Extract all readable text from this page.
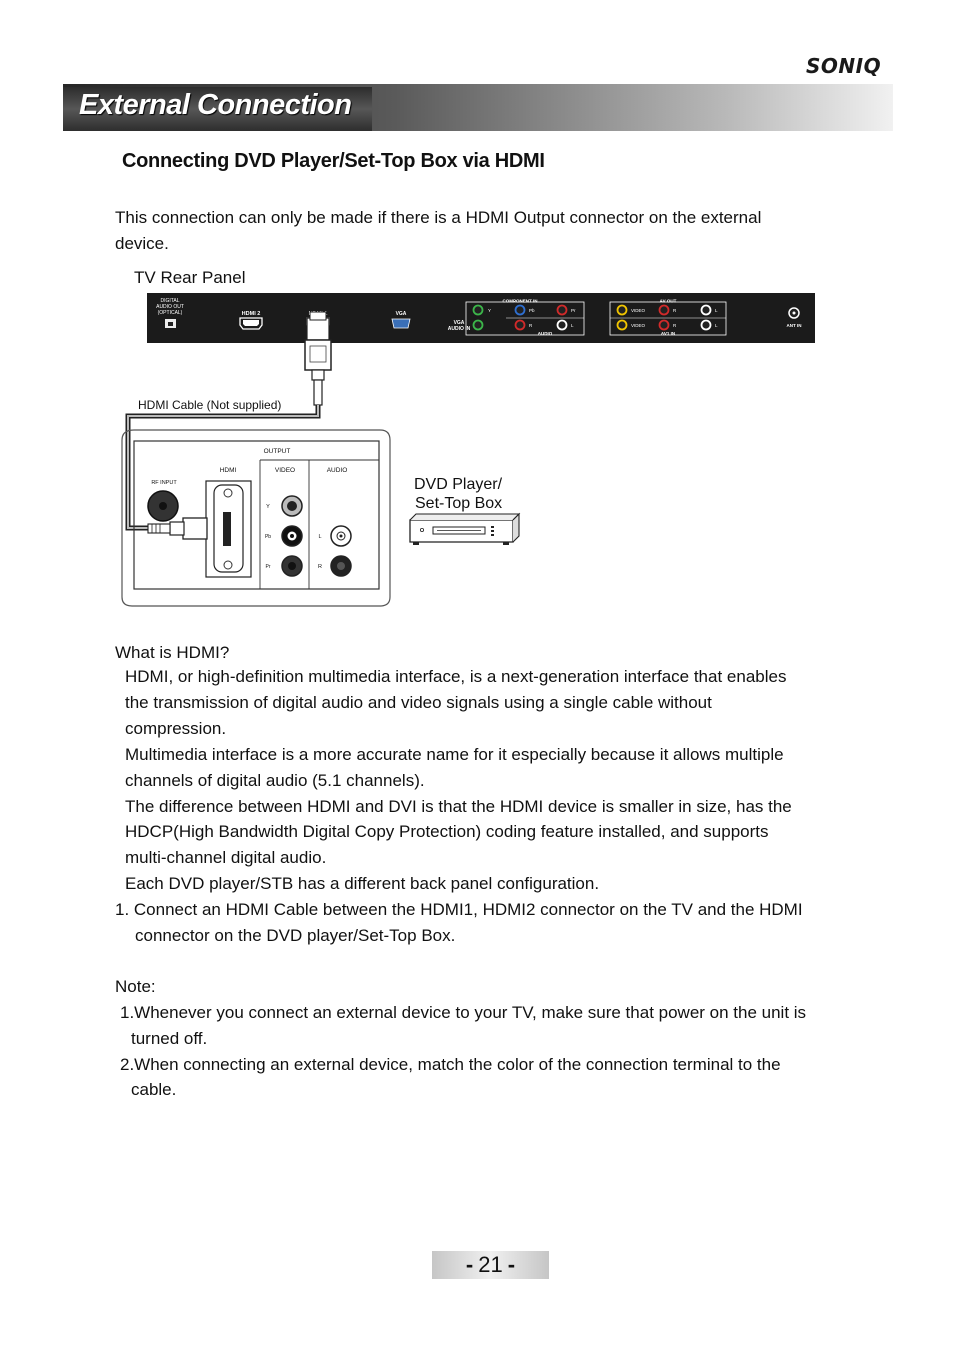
SONIQ
External Connection
Connecting DVD Player/Set-Top Box via HDMI
This connection can only be made if there is a HDMI Output connector on the external
device.
TV Rear Panel
DIGITAL
AUDIO OUT
(OPTICAL)	HDMI 2	VGA
VGA
AUDIO IN
COMPONENT IN
Y	Pb	Pr
R	L
AUDIO
AV OUT
VIDEO	R	L
VIDEO	R	L
AV1 IN
ANT IN
OUTPUT
RF INPUT
HDMI	VIDEO
Y
Pb
Pr
AUDIO
L
R
HDMI Cable (Not supplied)
DVD Player/
Set-Top Box
What is HDMI?
HDMI, or high-definition multimedia interface, is a next-generation interface that enables
the transmission of digital audio and video signals using a single cable without
compression.
Multimedia interface is a more accurate name for it especially because it allows multiple
channels of digital audio (5.1 channels).
The difference between HDMI and DVI is that the HDMI device is smaller in size, has the
HDCP(High Bandwidth Digital Copy Protection) coding feature installed, and supports
multi-channel digital audio.
Each DVD player/STB has a different back panel configuration.
1. Connect an HDMI Cable between the HDMI1, HDMI2 connector on the TV and the HDMI
connector on the DVD player/Set-Top Box.
Note:
1.Whenever you connect an external device to your TV, make sure that power on the unit is
turned off.
2.When connecting an external device, match the color of the connection terminal to the
cable.
- 21 -
